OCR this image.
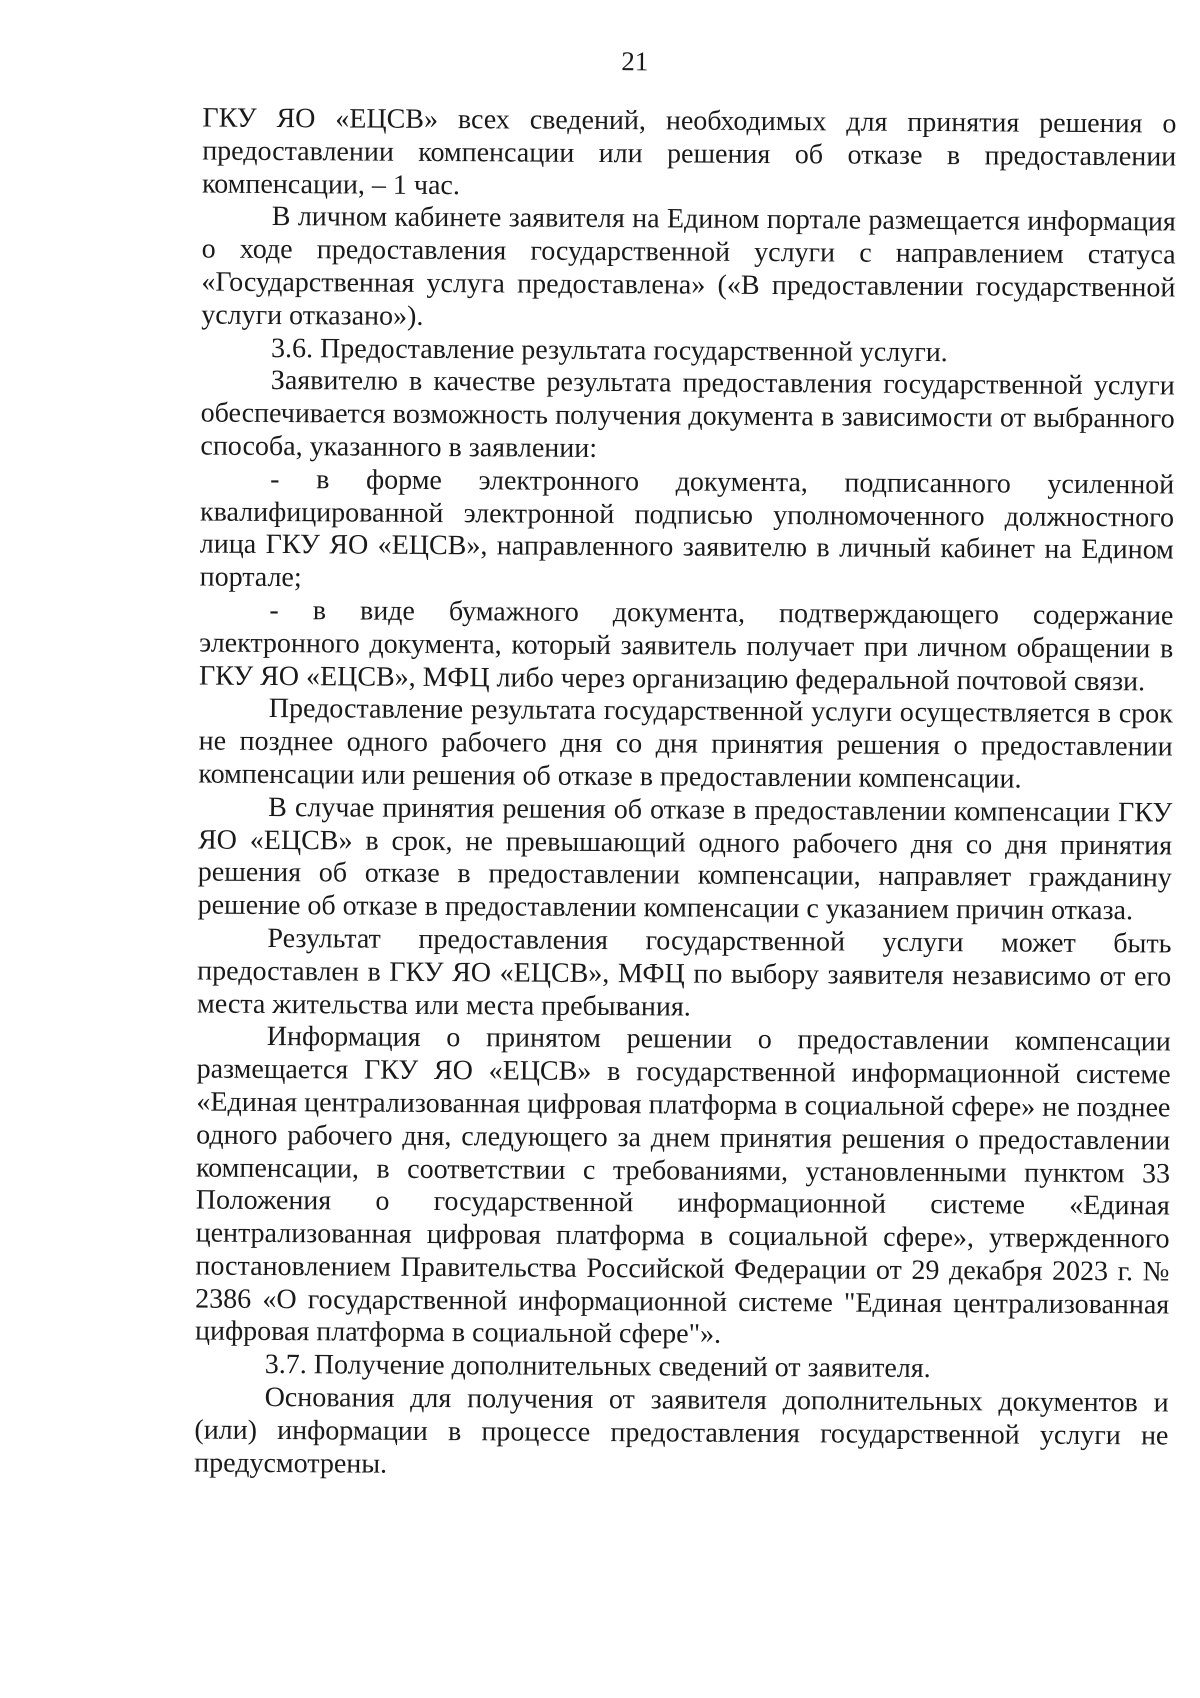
21

ГКУ ЯО «ЕЦСВ» всех сведений, необходимых для принятия решения о предоставлении компенсации или решения об отказе в предоставлении компенсации, – 1 час.

В личном кабинете заявителя на Едином портале размещается информация о ходе предоставления государственной услуги с направлением статуса «Государственная услуга предоставлена» («В предоставлении государственной услуги отказано»).

3.6. Предоставление результата государственной услуги.

Заявителю в качестве результата предоставления государственной услуги обеспечивается возможность получения документа в зависимости от выбранного способа, указанного в заявлении:

- в форме электронного документа, подписанного усиленной квалифицированной электронной подписью уполномоченного должностного лица ГКУ ЯО «ЕЦСВ», направленного заявителю в личный кабинет на Едином портале;

- в виде бумажного документа, подтверждающего содержание электронного документа, который заявитель получает при личном обращении в ГКУ ЯО «ЕЦСВ», МФЦ либо через организацию федеральной почтовой связи.

Предоставление результата государственной услуги осуществляется в срок не позднее одного рабочего дня со дня принятия решения о предоставлении компенсации или решения об отказе в предоставлении компенсации.

В случае принятия решения об отказе в предоставлении компенсации ГКУ ЯО «ЕЦСВ» в срок, не превышающий одного рабочего дня со дня принятия решения об отказе в предоставлении компенсации, направляет гражданину решение об отказе в предоставлении компенсации с указанием причин отказа.

Результат предоставления государственной услуги может быть предоставлен в ГКУ ЯО «ЕЦСВ», МФЦ по выбору заявителя независимо от его места жительства или места пребывания.

Информация о принятом решении о предоставлении компенсации размещается ГКУ ЯО «ЕЦСВ» в государственной информационной системе «Единая централизованная цифровая платформа в социальной сфере» не позднее одного рабочего дня, следующего за днем принятия решения о предоставлении компенсации, в соответствии с требованиями, установленными пунктом 33 Положения о государственной информационной системе «Единая централизованная цифровая платформа в социальной сфере», утвержденного постановлением Правительства Российской Федерации от 29 декабря 2023 г. № 2386 «О государственной информационной системе "Единая централизованная цифровая платформа в социальной сфере"».

3.7. Получение дополнительных сведений от заявителя.

Основания для получения от заявителя дополнительных документов и (или) информации в процессе предоставления государственной услуги не предусмотрены.
